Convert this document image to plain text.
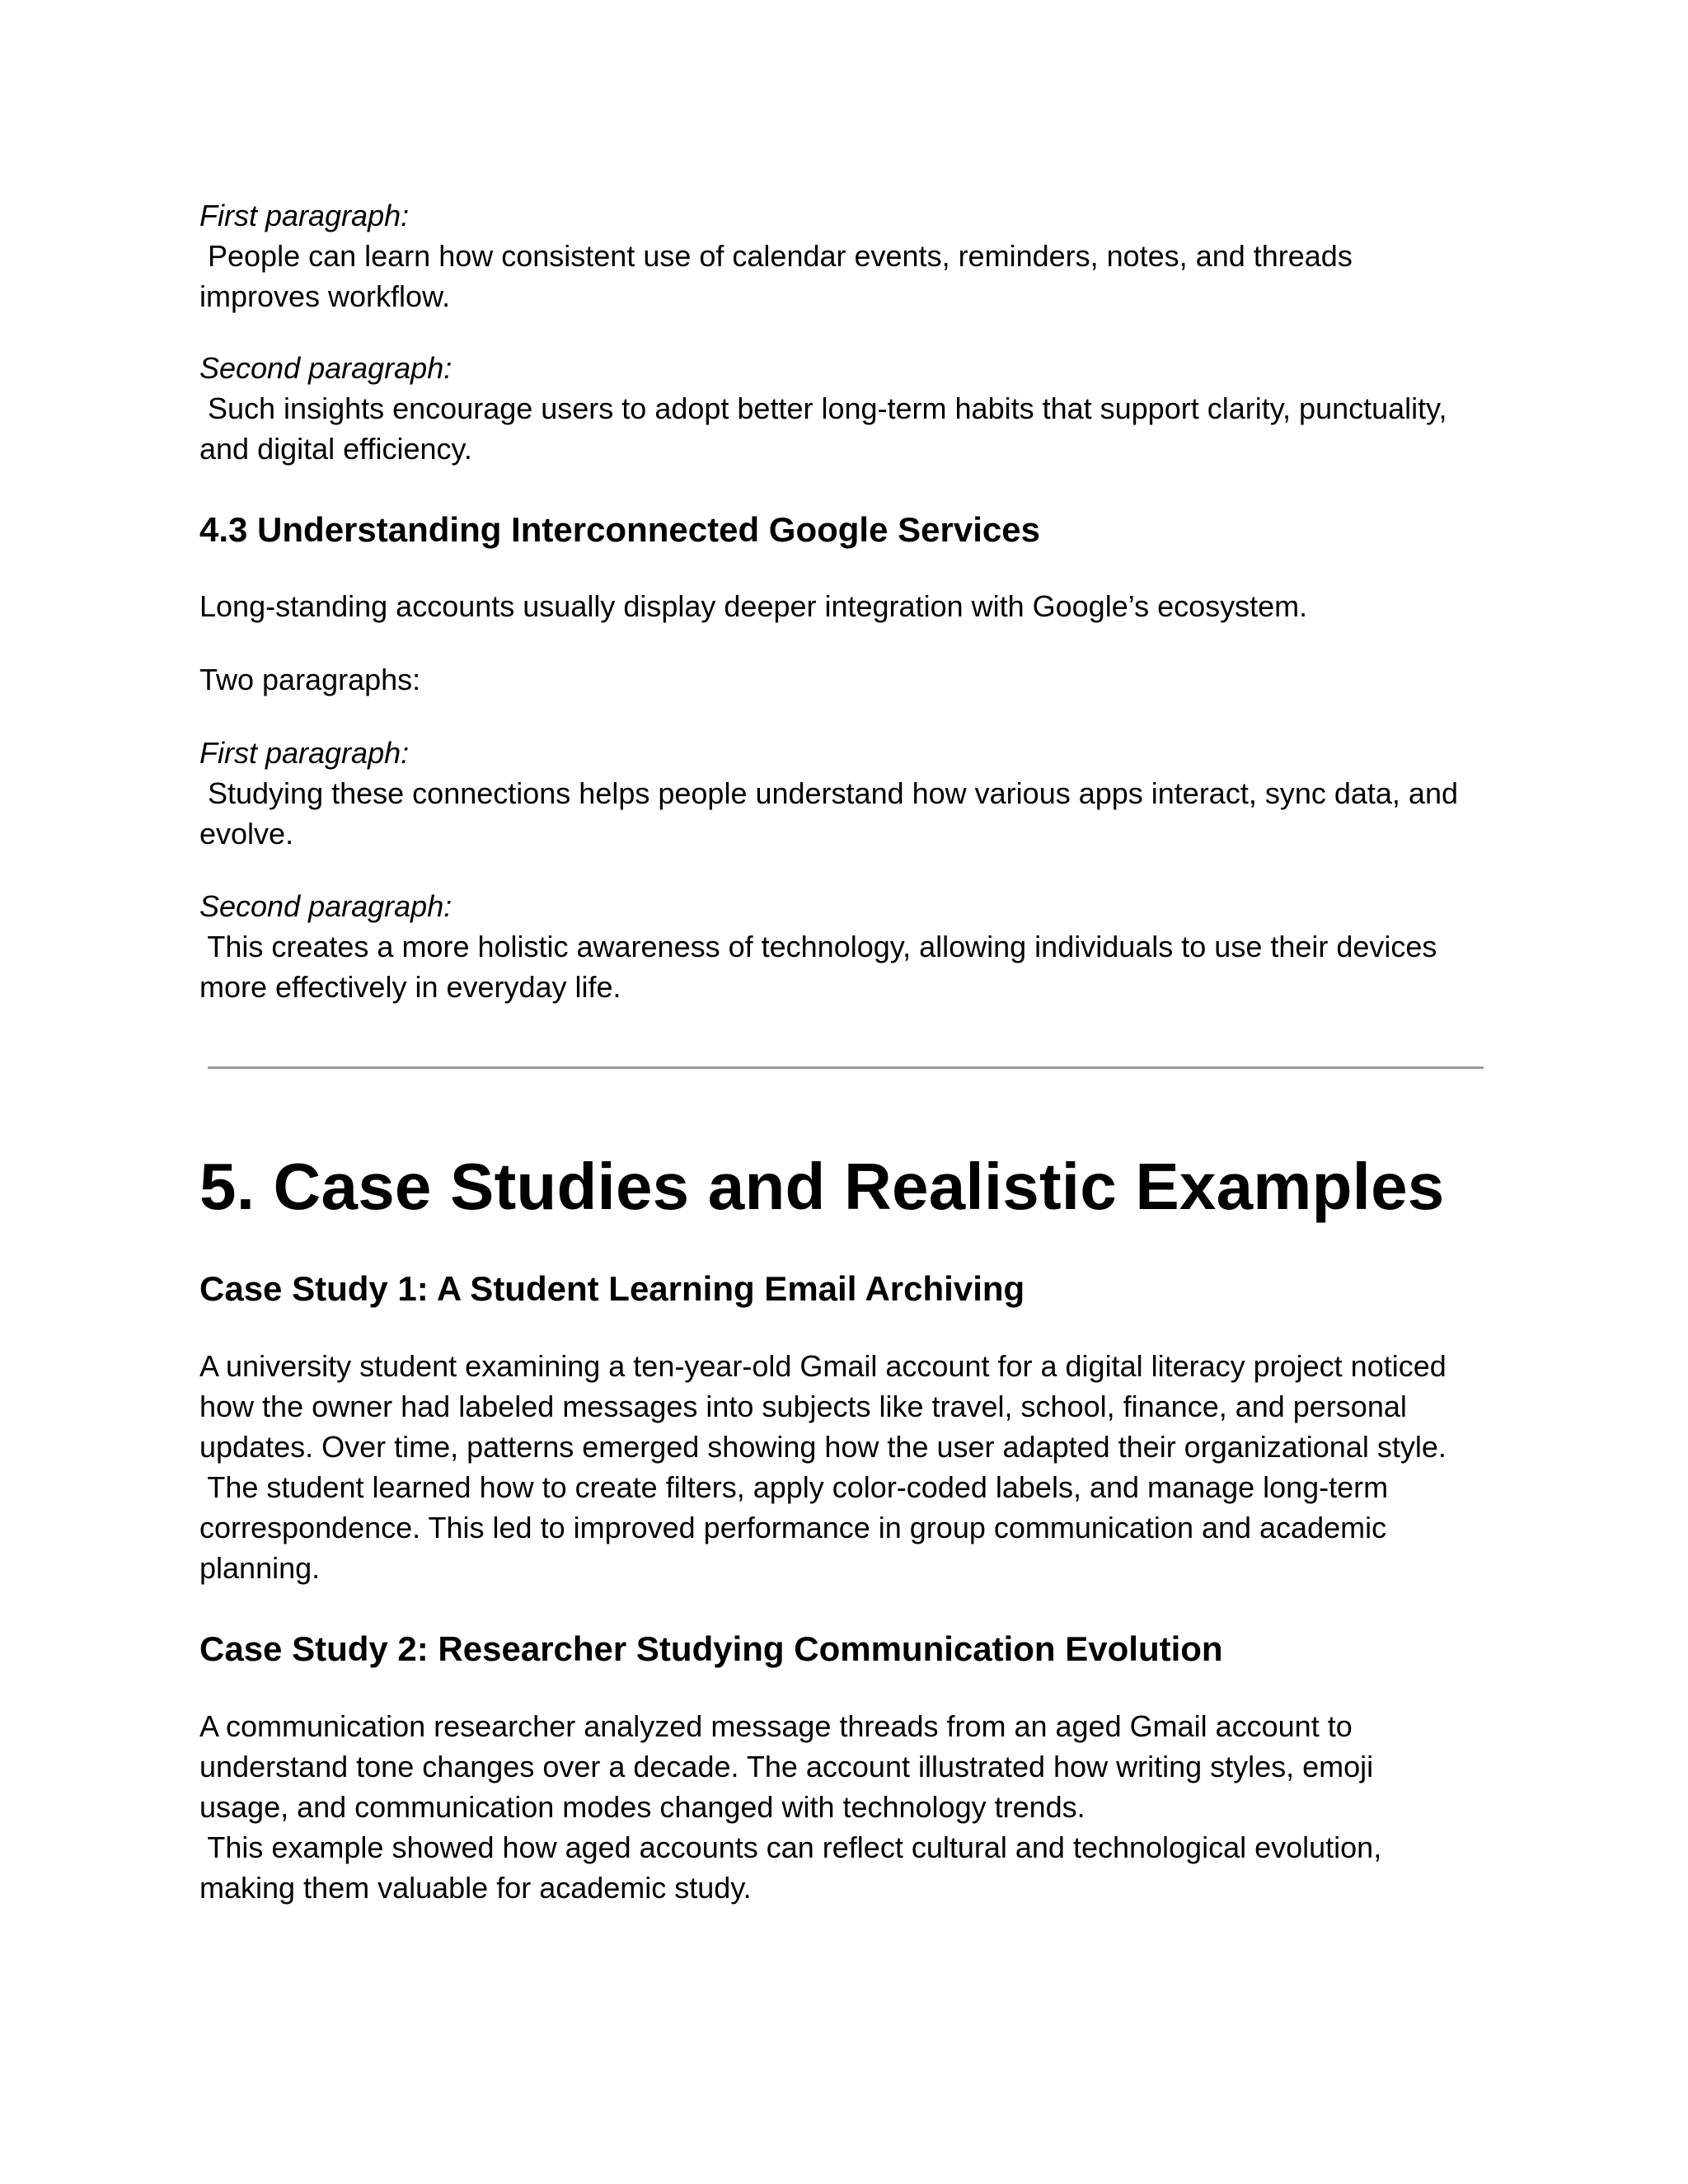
First paragraph:
People can learn how consistent use of calendar events, reminders, notes, and threads
improves workflow.
Second paragraph:
Such insights encourage users to adopt better long-term habits that support clarity, punctuality,
and digital efficiency.
4.3 Understanding Interconnected Google Services

Long-standing accounts usually display deeper integration with Google’s ecosystem.

Two paragraphs:

First paragraph:
Studying these connections helps people understand how various apps interact, sync data, and
evolve.
Second paragraph:
This creates a more holistic awareness of technology, allowing individuals to use their devices
more effectively in everyday life.
5. Case Studies and Realistic Examples
Case Study 1: A Student Learning Email Archiving
A university student examining a ten-year-old Gmail account for a digital literacy project noticed
how the owner had labeled messages into subjects like travel, school, finance, and personal
updates. Over time, patterns emerged showing how the user adapted their organizational style.
The student learned how to create filters, apply color-coded labels, and manage long-term
correspondence. This led to improved performance in group communication and academic
planning.
Case Study 2: Researcher Studying Communication Evolution
A communication researcher analyzed message threads from an aged Gmail account to
understand tone changes over a decade. The account illustrated how writing styles, emoji
usage, and communication modes changed with technology trends.
This example showed how aged accounts can reflect cultural and technological evolution,
making them valuable for academic study.
